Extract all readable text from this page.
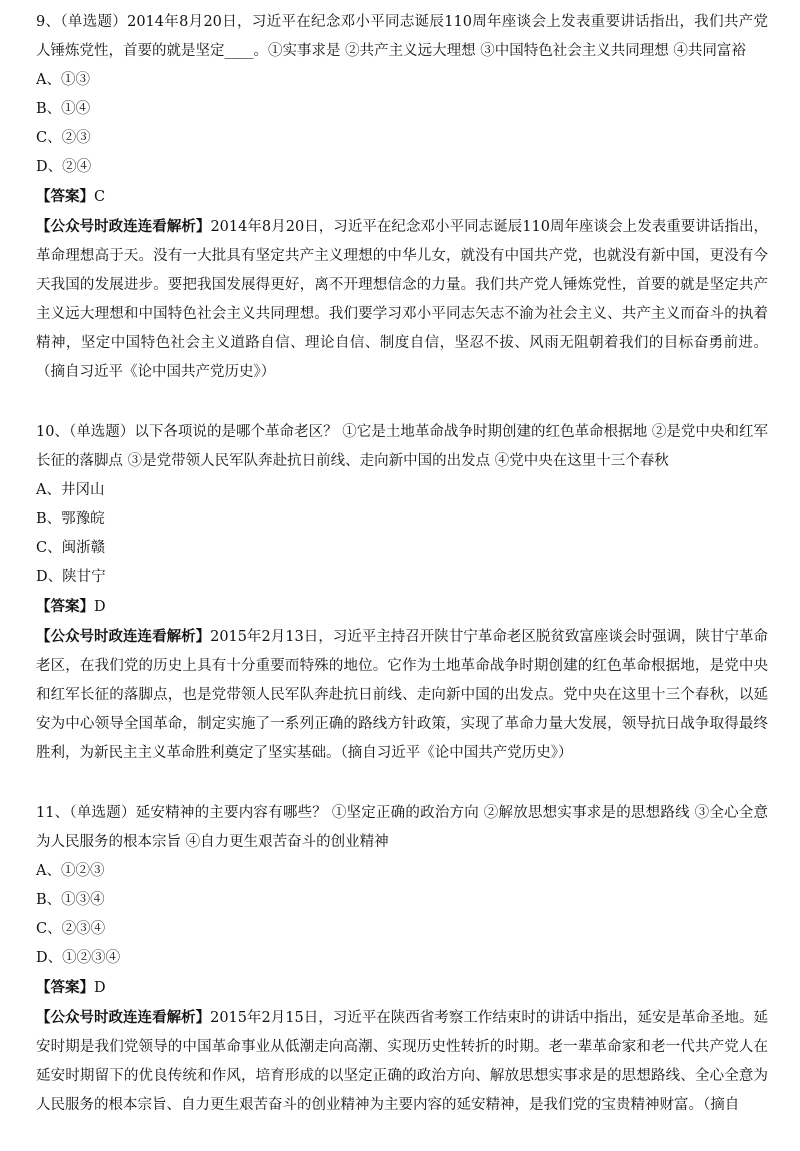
9、（单选题）2014年8月20日，习近平在纪念邓小平同志诞辰110周年座谈会上发表重要讲话指出，我们共产党人锤炼党性，首要的就是坚定____。①实事求是 ②共产主义远大理想 ③中国特色社会主义共同理想 ④共同富裕

A、①③

B、①④

C、②③

D、②④

【答案】C

【公众号时政连连看解析】2014年8月20日，习近平在纪念邓小平同志诞辰110周年座谈会上发表重要讲话指出，革命理想高于天。没有一大批具有坚定共产主义理想的中华儿女，就没有中国共产党，也就没有新中国，更没有今天我国的发展进步。要把我国发展得更好，离不开理想信念的力量。我们共产党人锤炼党性，首要的就是坚定共产主义远大理想和中国特色社会主义共同理想。我们要学习邓小平同志矢志不渝为社会主义、共产主义而奋斗的执着精神，坚定中国特色社会主义道路自信、理论自信、制度自信，坚忍不拔、风雨无阻朝着我们的目标奋勇前进。（摘自习近平《论中国共产党历史》）

10、（单选题）以下各项说的是哪个革命老区？ ①它是土地革命战争时期创建的红色革命根据地 ②是党中央和红军长征的落脚点 ③是党带领人民军队奔赴抗日前线、走向新中国的出发点 ④党中央在这里十三个春秋

A、井冈山

B、鄂豫皖

C、闽浙赣

D、陕甘宁

【答案】D

【公众号时政连连看解析】2015年2月13日，习近平主持召开陕甘宁革命老区脱贫致富座谈会时强调，陕甘宁革命老区，在我们党的历史上具有十分重要而特殊的地位。它作为土地革命战争时期创建的红色革命根据地，是党中央和红军长征的落脚点，也是党带领人民军队奔赴抗日前线、走向新中国的出发点。党中央在这里十三个春秋，以延安为中心领导全国革命，制定实施了一系列正确的路线方针政策，实现了革命力量大发展，领导抗日战争取得最终胜利，为新民主主义革命胜利奠定了坚实基础。（摘自习近平《论中国共产党历史》）

11、（单选题）延安精神的主要内容有哪些？ ①坚定正确的政治方向 ②解放思想实事求是的思想路线 ③全心全意为人民服务的根本宗旨 ④自力更生艰苦奋斗的创业精神

A、①②③

B、①③④

C、②③④

D、①②③④

【答案】D

【公众号时政连连看解析】2015年2月15日，习近平在陕西省考察工作结束时的讲话中指出，延安是革命圣地。延安时期是我们党领导的中国革命事业从低潮走向高潮、实现历史性转折的时期。老一辈革命家和老一代共产党人在延安时期留下的优良传统和作风，培育形成的以坚定正确的政治方向、解放思想实事求是的思想路线、全心全意为人民服务的根本宗旨、自力更生艰苦奋斗的创业精神为主要内容的延安精神，是我们党的宝贵精神财富。（摘自
